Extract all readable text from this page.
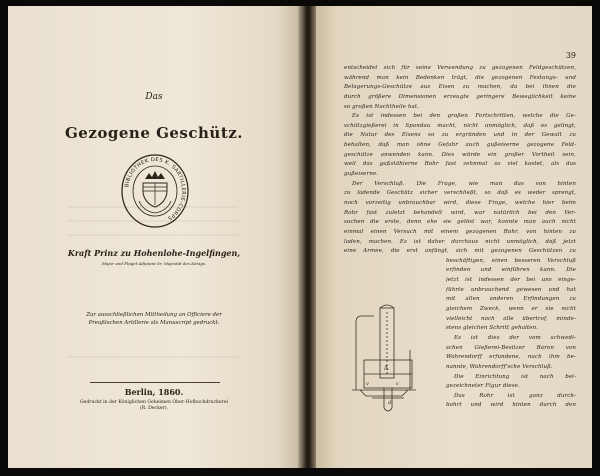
Das
Gezogene Geschütz.
BIBLIOTHEK DES K. SARTILLERIE-CORPS
Kraft Prinz zu Hohenlohe-Ingelfingen,
Major und Flügel-Adjutant Sr. Majestät des Königs.
Zur ausschließlichen Mittheilung an Officiere der
Preußischen Artillerie als Manuscript gedruckt.
Berlin, 1860.
Gedruckt in der Königlichen Geheimen Ober-Hofbuchdruckerei
(R. Decker).
39
entscheidet sich für seine Verwendung zu gezogenen Feldgeschützen,
während man kein Bedenken trägt, die gezogenen Festungs- und
Belagerungs-Geschütze aus Eisen zu machen, da bei ihnen die
durch größere Dimensionen erzeugte geringere Beweglichkeit keine
so großen Nachtheile hat.
Es ist indessen bei den großen Fortschritten, welche die Ge-
schützgießerei in Spandau macht, nicht unmöglich, daß es gelingt,
die Natur des Eisens so zu ergründen und in der Gewalt zu
behalten, daß man ohne Gefahr auch gußeiserne gezogene Feld-
geschütze anwenden kann. Dies würde ein großer Vortheil sein,
weil das gußstählerne Rohr fast zehnmal so viel kostet, als das
gußeiserne.
Der Verschluß. Die Frage, wie man das von hinten
zu ladende Geschütz sicher verschließt, so daß es weder sprengt,
noch vorzeitig unbrauchbar wird, diese Frage, welche hier beim
Rohr fast zuletzt behandelt wird, war natürlich bei den Ver-
suchen die erste, denn ehe sie gelöst war, konnte man auch nicht
einmal einen Versuch mit einem gezogenen Rohr, von hinten zu
laden, machen. Es ist daher durchaus nicht unmöglich, daß jetzt
eine Armee, die erst anfängt, sich mit gezogenen Geschützen zu
beschäftigen, einen besseren Verschluß
erfinden und einführen kann. Die
jetzt ist indessen der bei uns einge-
führte unbrauchend gewesen und hat
mit allen anderen Erfindungen zu
gleichem Zweck, wenn er sie nicht
vielleicht noch alle übertrof, minde-
stens gleichen Schritt gehalten.
Es ist dies der vom schwedi-
schen Gießerei-Besitzer Baron von
Wahrendorff erfundene, nach ihm be-
nannte, Wahrendorff'sche Verschluß.
Die Einrichtung ist nach bei-
gezeichneter Figur diese.
Das Rohr ist ganz durch-
bohrt und wird hinten durch den
A
v	c
d
